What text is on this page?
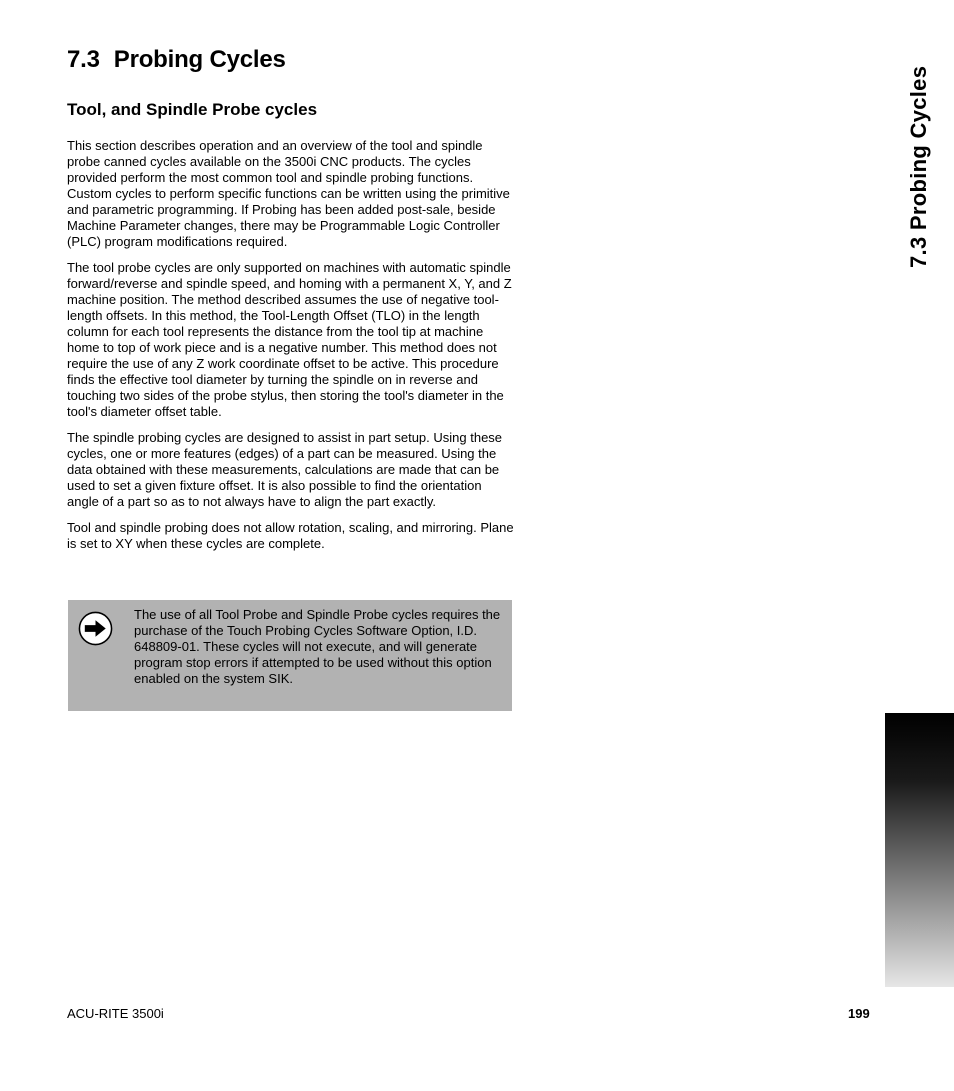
7.3 Probing Cycles
Tool, and Spindle Probe cycles

This section describes operation and an overview of the tool and spindle probe canned cycles available on the 3500i CNC products. The cycles provided perform the most common tool and spindle probing functions. Custom cycles to perform specific functions can be written using the primitive and parametric programming. If Probing has been added post-sale, beside Machine Parameter changes, there may be Programmable Logic Controller (PLC) program modifications required.

The tool probe cycles are only supported on machines with automatic spindle forward/reverse and spindle speed, and homing with a permanent X, Y, and Z machine position. The method described assumes the use of negative tool-length offsets. In this method, the Tool-Length Offset (TLO) in the length column for each tool represents the distance from the tool tip at machine home to top of work piece and is a negative number. This method does not require the use of any Z work coordinate offset to be active. This procedure finds the effective tool diameter by turning the spindle on in reverse and touching two sides of the probe stylus, then storing the tool's diameter in the tool's diameter offset table.

The spindle probing cycles are designed to assist in part setup. Using these cycles, one or more features (edges) of a part can be measured. Using the data obtained with these measurements, calculations are made that can be used to set a given fixture offset. It is also possible to find the orientation angle of a part so as to not always have to align the part exactly.

Tool and spindle probing does not allow rotation, scaling, and mirroring. Plane is set to XY when these cycles are complete.

The use of all Tool Probe and Spindle Probe cycles requires the purchase of the Touch Probing Cycles Software Option, I.D. 648809-01. These cycles will not execute, and will generate program stop errors if attempted to be used without this option enabled on the system SIK.

7.3 Probing Cycles
ACU-RITE 3500i	199
